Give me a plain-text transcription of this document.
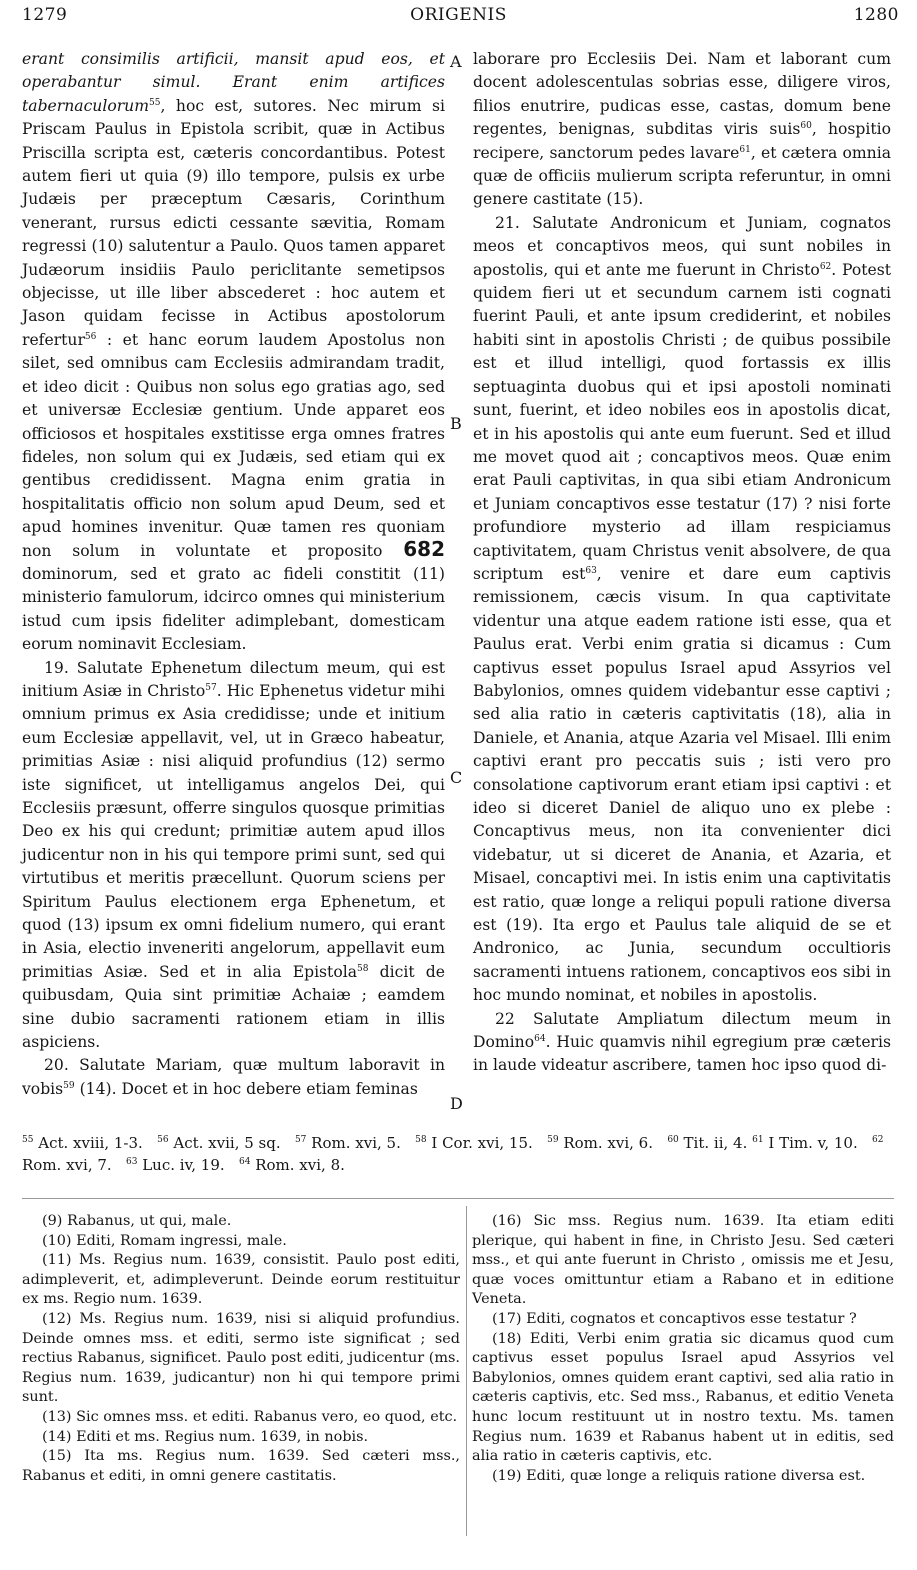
1279	ORIGENIS	1280
A
B
C
D

erant consimilis artificii, mansit apud eos, et operabantur simul. Erant enim artifices tabernaculorum$^{55}$, hoc est, sutores. Nec mirum si Priscam Paulus in Epistola scribit, quæ in Actibus Priscilla scripta est, cæteris concordantibus. Potest autem fieri ut quia (9) illo tempore, pulsis ex urbe Judæis per præceptum Cæsaris, Corinthum venerant, rursus edicti cessante sævitia, Romam regressi (10) salutentur a Paulo. Quos tamen apparet Judæorum insidiis Paulo periclitante semetipsos objecisse, ut ille liber abscederet : hoc autem et Jason quidam fecisse in Actibus apostolorum refertur$^{56}$ : et hanc eorum laudem Apostolus non silet, sed omnibus cam Ecclesiis admirandam tradit, et ideo dicit : Quibus non solus ego gratias ago, sed et universæ Ecclesiæ gentium. Unde apparet eos officiosos et hospitales exstitisse erga omnes fratres fideles, non solum qui ex Judæis, sed etiam qui ex gentibus credidissent. Magna enim gratia in hospitalitatis officio non solum apud Deum, sed et apud homines invenitur. Quæ tamen res quoniam non solum in voluntate et proposito 682 dominorum, sed et grato ac fideli constitit (11) ministerio famulorum, idcirco omnes qui ministerium istud cum ipsis fideliter adimplebant, domesticam eorum nominavit Ecclesiam.

19. Salutate Ephenetum dilectum meum, qui est initium Asiæ in Christo$^{57}$. Hic Ephenetus videtur mihi omnium primus ex Asia credidisse; unde et initium eum Ecclesiæ appellavit, vel, ut in Græco habeatur, primitias Asiæ : nisi aliquid profundius (12) sermo iste significet, ut intelligamus angelos Dei, qui Ecclesiis præsunt, offerre singulos quosque primitias Deo ex his qui credunt; primitiæ autem apud illos judicentur non in his qui tempore primi sunt, sed qui virtutibus et meritis præcellunt. Quorum sciens per Spiritum Paulus electionem erga Ephenetum, et quod (13) ipsum ex omni fidelium numero, qui erant in Asia, electio inveneriti angelorum, appellavit eum primitias Asiæ. Sed et in alia Epistola$^{58}$ dicit de quibusdam, Quia sint primitiæ Achaiæ ; eamdem sine dubio sacramenti rationem etiam in illis aspiciens.

20. Salutate Mariam, quæ multum laboravit in vobis$^{59}$ (14). Docet et in hoc debere etiam feminas

laborare pro Ecclesiis Dei. Nam et laborant cum docent adolescentulas sobrias esse, diligere viros, filios enutrire, pudicas esse, castas, domum bene regentes, benignas, subditas viris suis$^{60}$, hospitio recipere, sanctorum pedes lavare$^{61}$, et cætera omnia quæ de officiis mulierum scripta referuntur, in omni genere castitate (15).

21. Salutate Andronicum et Juniam, cognatos meos et concaptivos meos, qui sunt nobiles in apostolis, qui et ante me fuerunt in Christo$^{62}$. Potest quidem fieri ut et secundum carnem isti cognati fuerint Pauli, et ante ipsum crediderint, et nobiles habiti sint in apostolis Christi ; de quibus possibile est et illud intelligi, quod fortassis ex illis septuaginta duobus qui et ipsi apostoli nominati sunt, fuerint, et ideo nobiles eos in apostolis dicat, et in his apostolis qui ante eum fuerunt. Sed et illud me movet quod ait ; concaptivos meos. Quæ enim erat Pauli captivitas, in qua sibi etiam Andronicum et Juniam concaptivos esse testatur (17) ? nisi forte profundiore mysterio ad illam respiciamus captivitatem, quam Christus venit absolvere, de qua scriptum est$^{63}$, venire et dare eum captivis remissionem, cæcis visum. In qua captivitate videntur una atque eadem ratione isti esse, qua et Paulus erat. Verbi enim gratia si dicamus : Cum captivus esset populus Israel apud Assyrios vel Babylonios, omnes quidem videbantur esse captivi ; sed alia ratio in cæteris captivitatis (18), alia in Daniele, et Anania, atque Azaria vel Misael. Illi enim captivi erant pro peccatis suis ; isti vero pro consolatione captivorum erant etiam ipsi captivi : et ideo si diceret Daniel de aliquo uno ex plebe : Concaptivus meus, non ita convenienter dici videbatur, ut si diceret de Anania, et Azaria, et Misael, concaptivi mei. In istis enim una captivitatis est ratio, quæ longe a reliqui populi ratione diversa est (19). Ita ergo et Paulus tale aliquid de se et Andronico, ac Junia, secundum occultioris sacramenti intuens rationem, concaptivos eos sibi in hoc mundo nominat, et nobiles in apostolis.

22 Salutate Ampliatum dilectum meum in Domino$^{64}$. Huic quamvis nihil egregium præ cæteris in laude videatur ascribere, tamen hoc ipso quod di-

$^{55}$ Act. xviii, 1-3. $^{56}$ Act. xvii, 5 sq. $^{57}$ Rom. xvi, 5. $^{58}$ I Cor. xvi, 15. $^{59}$ Rom. xvi, 6. $^{60}$ Tit. ii, 4. $^{61}$ I Tim. v, 10. $^{62}$ Rom. xvi, 7. $^{63}$ Luc. iv, 19. $^{64}$ Rom. xvi, 8.

(9) Rabanus, ut qui, male.

(10) Editi, Romam ingressi, male.

(11) Ms. Regius num. 1639, consistit. Paulo post editi, adimpleverit, et, adimpleverunt. Deinde eorum restituitur ex ms. Regio num. 1639.

(12) Ms. Regius num. 1639, nisi si aliquid profundius. Deinde omnes mss. et editi, sermo iste significat ; sed rectius Rabanus, significet. Paulo post editi, judicentur (ms. Regius num. 1639, judicantur) non hi qui tempore primi sunt.

(13) Sic omnes mss. et editi. Rabanus vero, eo quod, etc.

(14) Editi et ms. Regius num. 1639, in nobis.

(15) Ita ms. Regius num. 1639. Sed cæteri mss., Rabanus et editi, in omni genere castitatis.

(16) Sic mss. Regius num. 1639. Ita etiam editi plerique, qui habent in fine, in Christo Jesu. Sed cæteri mss., et qui ante fuerunt in Christo , omissis me et Jesu, quæ voces omittuntur etiam a Rabano et in editione Veneta.

(17) Editi, cognatos et concaptivos esse testatur ?

(18) Editi, Verbi enim gratia sic dicamus quod cum captivus esset populus Israel apud Assyrios vel Babylonios, omnes quidem erant captivi, sed alia ratio in cæteris captivis, etc. Sed mss., Rabanus, et editio Veneta hunc locum restituunt ut in nostro textu. Ms. tamen Regius num. 1639 et Rabanus habent ut in editis, sed alia ratio in cæteris captivis, etc.

(19) Editi, quæ longe a reliquis ratione diversa est.
